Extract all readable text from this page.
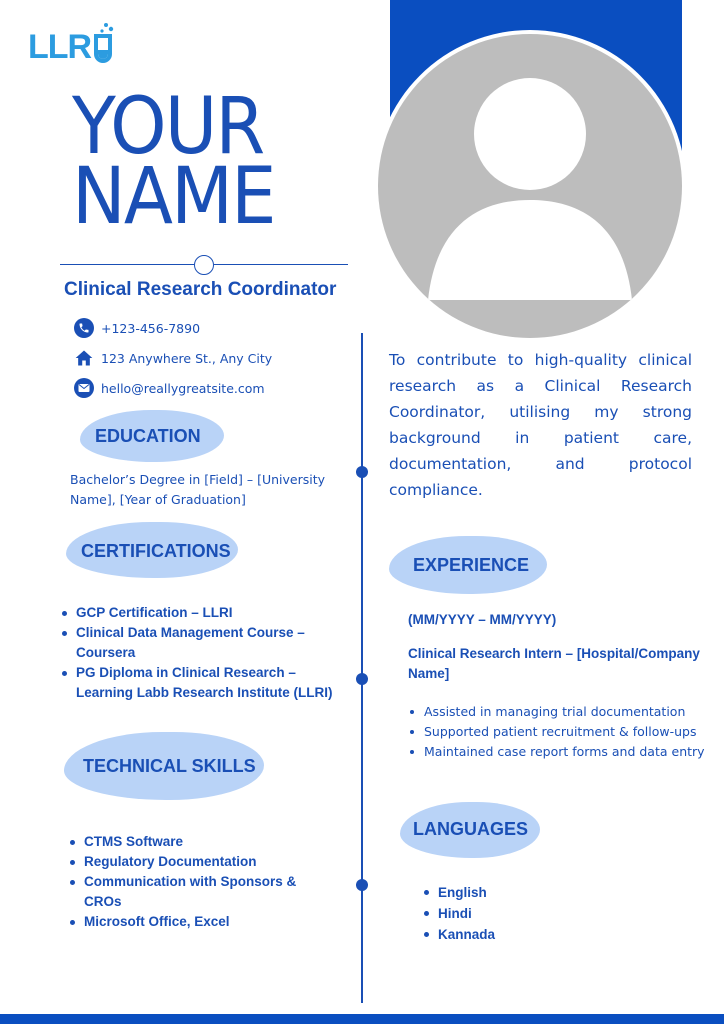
LLR
YOUR
NAME
Clinical Research Coordinator
+123-456-7890
123 Anywhere St., Any City
hello@reallygreatsite.com
To contribute to high-quality clinical research as a Clinical Research Coordinator, utilising my strong background in patient care, documentation, and protocol compliance.
EDUCATION
Bachelor’s Degree in [Field] – [University
Name], [Year of Graduation]
CERTIFICATIONS
GCP Certification – LLRI
Clinical Data Management Course – Coursera
PG Diploma in Clinical Research – Learning Labb Research Institute (LLRI)
TECHNICAL SKILLS
CTMS Software
Regulatory Documentation
Communication with Sponsors & CROs
Microsoft Office, Excel
EXPERIENCE
(MM/YYYY – MM/YYYY)
Clinical Research Intern – [Hospital/Company Name]
Assisted in managing trial documentation
Supported patient recruitment & follow-ups
Maintained case report forms and data entry
LANGUAGES
English
Hindi
Kannada
